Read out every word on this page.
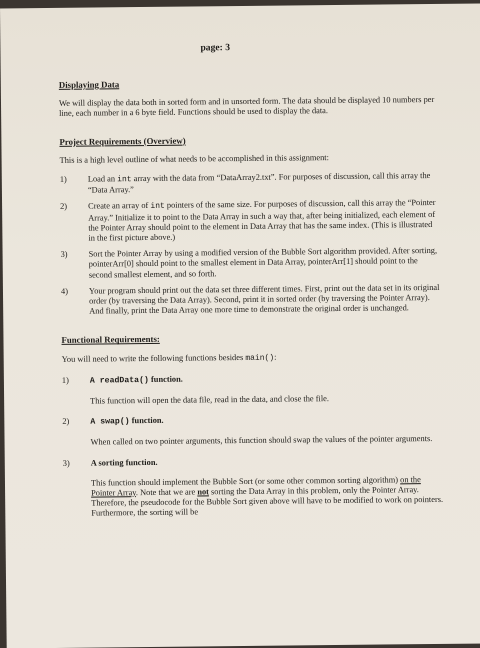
page: 3

Displaying Data

We will display the data both in sorted form and in unsorted form. The data should be displayed 10 numbers per line, each number in a 6 byte field. Functions should be used to display the data.

Project Requirements (Overview)

This is a high level outline of what needs to be accomplished in this assignment:

1)	Load an int array with the data from “DataArray2.txt”. For purposes of discussion, call this array the “Data Array.”
2)	Create an array of int pointers of the same size. For purposes of discussion, call this array the “Pointer Array.” Initialize it to point to the Data Array in such a way that, after being initialized, each element of the Pointer Array should point to the element in Data Array that has the same index. (This is illustrated in the first picture above.)
3)	Sort the Pointer Array by using a modified version of the Bubble Sort algorithm provided. After sorting, pointerArr[0] should point to the smallest element in Data Array, pointerArr[1] should point to the second smallest element, and so forth.
4)	Your program should print out the data set three different times. First, print out the data set in its original order (by traversing the Data Array). Second, print it in sorted order (by traversing the Pointer Array). And finally, print the Data Array one more time to demonstrate the original order is unchanged.

Functional Requirements:

You will need to write the following functions besides main():

1)	A readData() function.

This function will open the data file, read in the data, and close the file.

2)	A swap() function.

When called on two pointer arguments, this function should swap the values of the pointer arguments.

3)	A sorting function.

This function should implement the Bubble Sort (or some other common sorting algorithm) on the Pointer Array. Note that we are not sorting the Data Array in this problem, only the Pointer Array. Therefore, the pseudocode for the Bubble Sort given above will have to be modified to work on pointers. Furthermore, the sorting will be
